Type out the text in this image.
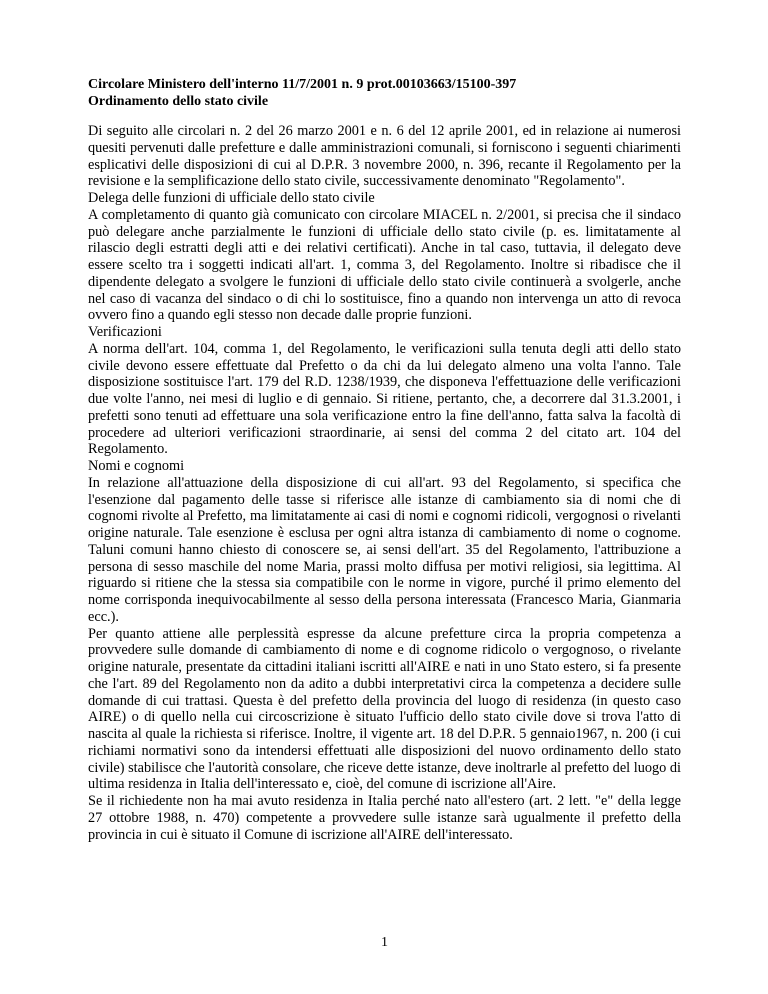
Circolare Ministero dell'interno 11/7/2001 n. 9 prot.00103663/15100-397
Ordinamento dello stato civile

Di seguito alle circolari n. 2 del 26 marzo 2001 e n. 6 del 12 aprile 2001, ed in relazione ai numerosi quesiti pervenuti dalle prefetture e dalle amministrazioni comunali, si forniscono i seguenti chiarimenti esplicativi delle disposizioni di cui al D.P.R. 3 novembre 2000, n. 396, recante il Regolamento per la revisione e la semplificazione dello stato civile, successivamente denominato "Regolamento".

Delega delle funzioni di ufficiale dello stato civile

A completamento di quanto già comunicato con circolare MIACEL n. 2/2001, si precisa che il sindaco può delegare anche parzialmente le funzioni di ufficiale dello stato civile (p. es. limitatamente al rilascio degli estratti degli atti e dei relativi certificati). Anche in tal caso, tuttavia, il delegato deve essere scelto tra i soggetti indicati all'art. 1, comma 3, del Regolamento. Inoltre si ribadisce che il dipendente delegato a svolgere le funzioni di ufficiale dello stato civile continuerà a svolgerle, anche nel caso di vacanza del sindaco o di chi lo sostituisce, fino a quando non intervenga un atto di revoca ovvero fino a quando egli stesso non decade dalle proprie funzioni.

Verificazioni

A norma dell'art. 104, comma 1, del Regolamento, le verificazioni sulla tenuta degli atti dello stato civile devono essere effettuate dal Prefetto o da chi da lui delegato almeno una volta l'anno. Tale disposizione sostituisce l'art. 179 del R.D. 1238/1939, che disponeva l'effettuazione delle verificazioni due volte l'anno, nei mesi di luglio e di gennaio. Si ritiene, pertanto, che, a decorrere dal 31.3.2001, i prefetti sono tenuti ad effettuare una sola verificazione entro la fine dell'anno, fatta salva la facoltà di procedere ad ulteriori verificazioni straordinarie, ai sensi del comma 2 del citato art. 104 del Regolamento.

Nomi e cognomi

In relazione all'attuazione della disposizione di cui all'art. 93 del Regolamento, si specifica che l'esenzione dal pagamento delle tasse si riferisce alle istanze di cambiamento sia di nomi che di cognomi rivolte al Prefetto, ma limitatamente ai casi di nomi e cognomi ridicoli, vergognosi o rivelanti origine naturale. Tale esenzione è esclusa per ogni altra istanza di cambiamento di nome o cognome. Taluni comuni hanno chiesto di conoscere se, ai sensi dell'art. 35 del Regolamento, l'attribuzione a persona di sesso maschile del nome Maria, prassi molto diffusa per motivi religiosi, sia legittima. Al riguardo si ritiene che la stessa sia compatibile con le norme in vigore, purché il primo elemento del nome corrisponda inequivocabilmente al sesso della persona interessata (Francesco Maria, Gianmaria ecc.).

Per quanto attiene alle perplessità espresse da alcune prefetture circa la propria competenza a provvedere sulle domande di cambiamento di nome e di cognome ridicolo o vergognoso, o rivelante origine naturale, presentate da cittadini italiani iscritti all'AIRE e nati in uno Stato estero, si fa presente che l'art. 89 del Regolamento non da adito a dubbi interpretativi circa la competenza a decidere sulle domande di cui trattasi. Questa è del prefetto della provincia del luogo di residenza (in questo caso AIRE) o di quello nella cui circoscrizione è situato l'ufficio dello stato civile dove si trova l'atto di nascita al quale la richiesta si riferisce. Inoltre, il vigente art. 18 del D.P.R. 5 gennaio1967, n. 200 (i cui richiami normativi sono da intendersi effettuati alle disposizioni del nuovo ordinamento dello stato civile) stabilisce che l'autorità consolare, che riceve dette istanze, deve inoltrarle al prefetto del luogo di ultima residenza in Italia dell'interessato e, cioè, del comune di iscrizione all'Aire.

Se il richiedente non ha mai avuto residenza in Italia perché nato all'estero (art. 2 lett. "e" della legge 27 ottobre 1988, n. 470) competente a provvedere sulle istanze sarà ugualmente il prefetto della provincia in cui è situato il Comune di iscrizione all'AIRE dell'interessato.

1
